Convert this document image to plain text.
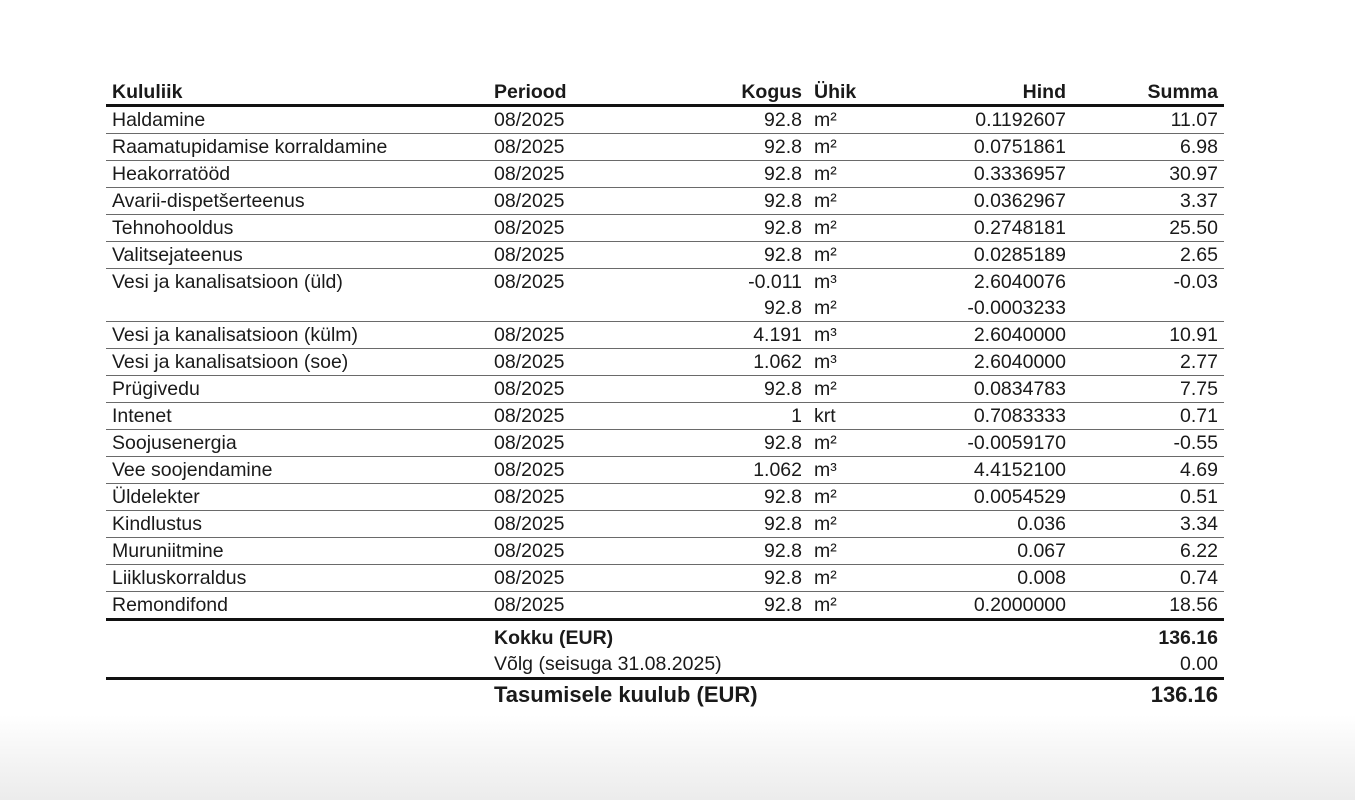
Kululiik	Periood	Kogus	Ühik	Hind	Summa
Haldamine	08/2025	92.8	m²	0.1192607	11.07
Raamatupidamise korraldamine	08/2025	92.8	m²	0.0751861	6.98
Heakorratööd	08/2025	92.8	m²	0.3336957	30.97
Avarii-dispetšerteenus	08/2025	92.8	m²	0.0362967	3.37
Tehnohooldus	08/2025	92.8	m²	0.2748181	25.50
Valitsejateenus	08/2025	92.8	m²	0.0285189	2.65
Vesi ja kanalisatsioon (üld)	08/2025	-0.011	m³	2.6040076	-0.03
		92.8	m²	-0.0003233	
Vesi ja kanalisatsioon (külm)	08/2025	4.191	m³	2.6040000	10.91
Vesi ja kanalisatsioon (soe)	08/2025	1.062	m³	2.6040000	2.77
Prügivedu	08/2025	92.8	m²	0.0834783	7.75
Intenet	08/2025	1	krt	0.7083333	0.71
Soojusenergia	08/2025	92.8	m²	-0.0059170	-0.55
Vee soojendamine	08/2025	1.062	m³	4.4152100	4.69
Üldelekter	08/2025	92.8	m²	0.0054529	0.51
Kindlustus	08/2025	92.8	m²	0.036	3.34
Muruniitmine	08/2025	92.8	m²	0.067	6.22
Liikluskorraldus	08/2025	92.8	m²	0.008	0.74
Remondifond	08/2025	92.8	m²	0.2000000	18.56
	Kokku (EUR)				136.16
	Võlg (seisuga 31.08.2025)				0.00
	Tasumisele kuulub (EUR)				136.16
